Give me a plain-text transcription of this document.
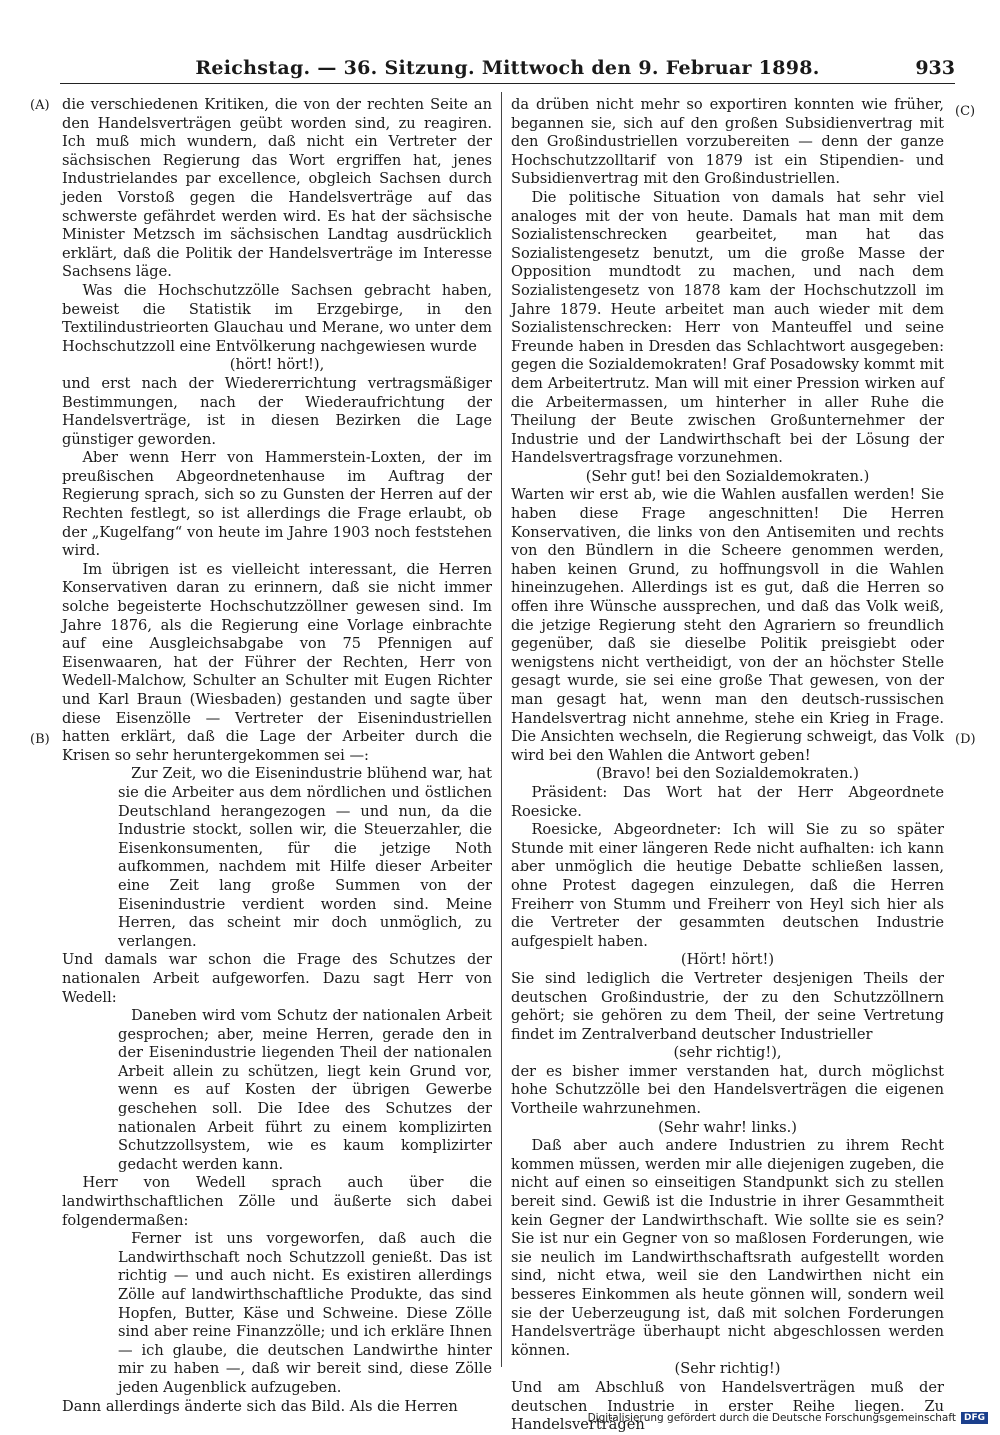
Reichstag. — 36. Sitzung. Mittwoch den 9. Februar 1898.	933
(A)
(B)
(C)
(D)

die verschiedenen Kritiken, die von der rechten Seite an den Handelsverträgen geübt worden sind, zu reagiren. Ich muß mich wundern, daß nicht ein Vertreter der sächsischen Regierung das Wort ergriffen hat, jenes Industrielandes par excellence, obgleich Sachsen durch jeden Vorstoß gegen die Handelsverträge auf das schwerste gefährdet werden wird. Es hat der sächsische Minister Metzsch im sächsischen Landtag ausdrücklich erklärt, daß die Politik der Handelsverträge im Interesse Sachsens läge.

Was die Hochschutzzölle Sachsen gebracht haben, beweist die Statistik im Erzgebirge, in den Textilindustrieorten Glauchau und Merane, wo unter dem Hochschutzzoll eine Entvölkerung nachgewiesen wurde

(hört! hört!),

und erst nach der Wiedererrichtung vertragsmäßiger Bestimmungen, nach der Wiederaufrichtung der Handelsverträge, ist in diesen Bezirken die Lage günstiger geworden.

Aber wenn Herr von Hammerstein-Loxten, der im preußischen Abgeordnetenhause im Auftrag der Regierung sprach, sich so zu Gunsten der Herren auf der Rechten festlegt, so ist allerdings die Frage erlaubt, ob der „Kugelfang“ von heute im Jahre 1903 noch feststehen wird.

Im übrigen ist es vielleicht interessant, die Herren Konservativen daran zu erinnern, daß sie nicht immer solche begeisterte Hochschutzzöllner gewesen sind. Im Jahre 1876, als die Regierung eine Vorlage einbrachte auf eine Ausgleichsabgabe von 75 Pfennigen auf Eisenwaaren, hat der Führer der Rechten, Herr von Wedell-Malchow, Schulter an Schulter mit Eugen Richter und Karl Braun (Wiesbaden) gestanden und sagte über diese Eisenzölle — Vertreter der Eisenindustriellen hatten erklärt, daß die Lage der Arbeiter durch die Krisen so sehr heruntergekommen sei —:

Zur Zeit, wo die Eisenindustrie blühend war, hat sie die Arbeiter aus dem nördlichen und östlichen Deutschland herangezogen — und nun, da die Industrie stockt, sollen wir, die Steuerzahler, die Eisenkonsumenten, für die jetzige Noth aufkommen, nachdem mit Hilfe dieser Arbeiter eine Zeit lang große Summen von der Eisenindustrie verdient worden sind. Meine Herren, das scheint mir doch unmöglich, zu verlangen.

Und damals war schon die Frage des Schutzes der nationalen Arbeit aufgeworfen. Dazu sagt Herr von Wedell:

Daneben wird vom Schutz der nationalen Arbeit gesprochen; aber, meine Herren, gerade den in der Eisenindustrie liegenden Theil der nationalen Arbeit allein zu schützen, liegt kein Grund vor, wenn es auf Kosten der übrigen Gewerbe geschehen soll. Die Idee des Schutzes der nationalen Arbeit führt zu einem komplizirten Schutzzollsystem, wie es kaum komplizirter gedacht werden kann.

Herr von Wedell sprach auch über die landwirthschaftlichen Zölle und äußerte sich dabei folgendermaßen:

Ferner ist uns vorgeworfen, daß auch die Landwirthschaft noch Schutzzoll genießt. Das ist richtig — und auch nicht. Es existiren allerdings Zölle auf landwirthschaftliche Produkte, das sind Hopfen, Butter, Käse und Schweine. Diese Zölle sind aber reine Finanzzölle; und ich erkläre Ihnen — ich glaube, die deutschen Landwirthe hinter mir zu haben —, daß wir bereit sind, diese Zölle jeden Augenblick aufzugeben.

Dann allerdings änderte sich das Bild. Als die Herren

da drüben nicht mehr so exportiren konnten wie früher, begannen sie, sich auf den großen Subsidienvertrag mit den Großindustriellen vorzubereiten — denn der ganze Hochschutzzolltarif von 1879 ist ein Stipendien- und Subsidienvertrag mit den Großindustriellen.

Die politische Situation von damals hat sehr viel analoges mit der von heute. Damals hat man mit dem Sozialistenschrecken gearbeitet, man hat das Sozialistengesetz benutzt, um die große Masse der Opposition mundtodt zu machen, und nach dem Sozialistengesetz von 1878 kam der Hochschutzzoll im Jahre 1879. Heute arbeitet man auch wieder mit dem Sozialistenschrecken: Herr von Manteuffel und seine Freunde haben in Dresden das Schlachtwort ausgegeben: gegen die Sozialdemokraten! Graf Posadowsky kommt mit dem Arbeitertrutz. Man will mit einer Pression wirken auf die Arbeitermassen, um hinterher in aller Ruhe die Theilung der Beute zwischen Großunternehmer der Industrie und der Landwirthschaft bei der Lösung der Handelsvertragsfrage vorzunehmen.

(Sehr gut! bei den Sozialdemokraten.)

Warten wir erst ab, wie die Wahlen ausfallen werden! Sie haben diese Frage angeschnitten! Die Herren Konservativen, die links von den Antisemiten und rechts von den Bündlern in die Scheere genommen werden, haben keinen Grund, zu hoffnungsvoll in die Wahlen hineinzugehen. Allerdings ist es gut, daß die Herren so offen ihre Wünsche aussprechen, und daß das Volk weiß, die jetzige Regierung steht den Agrariern so freundlich gegenüber, daß sie dieselbe Politik preisgiebt oder wenigstens nicht vertheidigt, von der an höchster Stelle gesagt wurde, sie sei eine große That gewesen, von der man gesagt hat, wenn man den deutsch-russischen Handelsvertrag nicht annehme, stehe ein Krieg in Frage. Die Ansichten wechseln, die Regierung schweigt, das Volk wird bei den Wahlen die Antwort geben!

(Bravo! bei den Sozialdemokraten.)

Präsident: Das Wort hat der Herr Abgeordnete Roesicke.

Roesicke, Abgeordneter: Ich will Sie zu so später Stunde mit einer längeren Rede nicht aufhalten: ich kann aber unmöglich die heutige Debatte schließen lassen, ohne Protest dagegen einzulegen, daß die Herren Freiherr von Stumm und Freiherr von Heyl sich hier als die Vertreter der gesammten deutschen Industrie aufgespielt haben.

(Hört! hört!)

Sie sind lediglich die Vertreter desjenigen Theils der deutschen Großindustrie, der zu den Schutzzöllnern gehört; sie gehören zu dem Theil, der seine Vertretung findet im Zentralverband deutscher Industrieller

(sehr richtig!),

der es bisher immer verstanden hat, durch möglichst hohe Schutzzölle bei den Handelsverträgen die eigenen Vortheile wahrzunehmen.

(Sehr wahr! links.)

Daß aber auch andere Industrien zu ihrem Recht kommen müssen, werden mir alle diejenigen zugeben, die nicht auf einen so einseitigen Standpunkt sich zu stellen bereit sind. Gewiß ist die Industrie in ihrer Gesammtheit kein Gegner der Landwirthschaft. Wie sollte sie es sein? Sie ist nur ein Gegner von so maßlosen Forderungen, wie sie neulich im Landwirthschaftsrath aufgestellt worden sind, nicht etwa, weil sie den Landwirthen nicht ein besseres Einkommen als heute gönnen will, sondern weil sie der Ueberzeugung ist, daß mit solchen Forderungen Handelsverträge überhaupt nicht abgeschlossen werden können.

(Sehr richtig!)

Und am Abschluß von Handelsverträgen muß der deutschen Industrie in erster Reihe liegen. Zu Handelsverträgen

Digitalisierung gefördert durch die Deutsche Forschungsgemeinschaft DFG
